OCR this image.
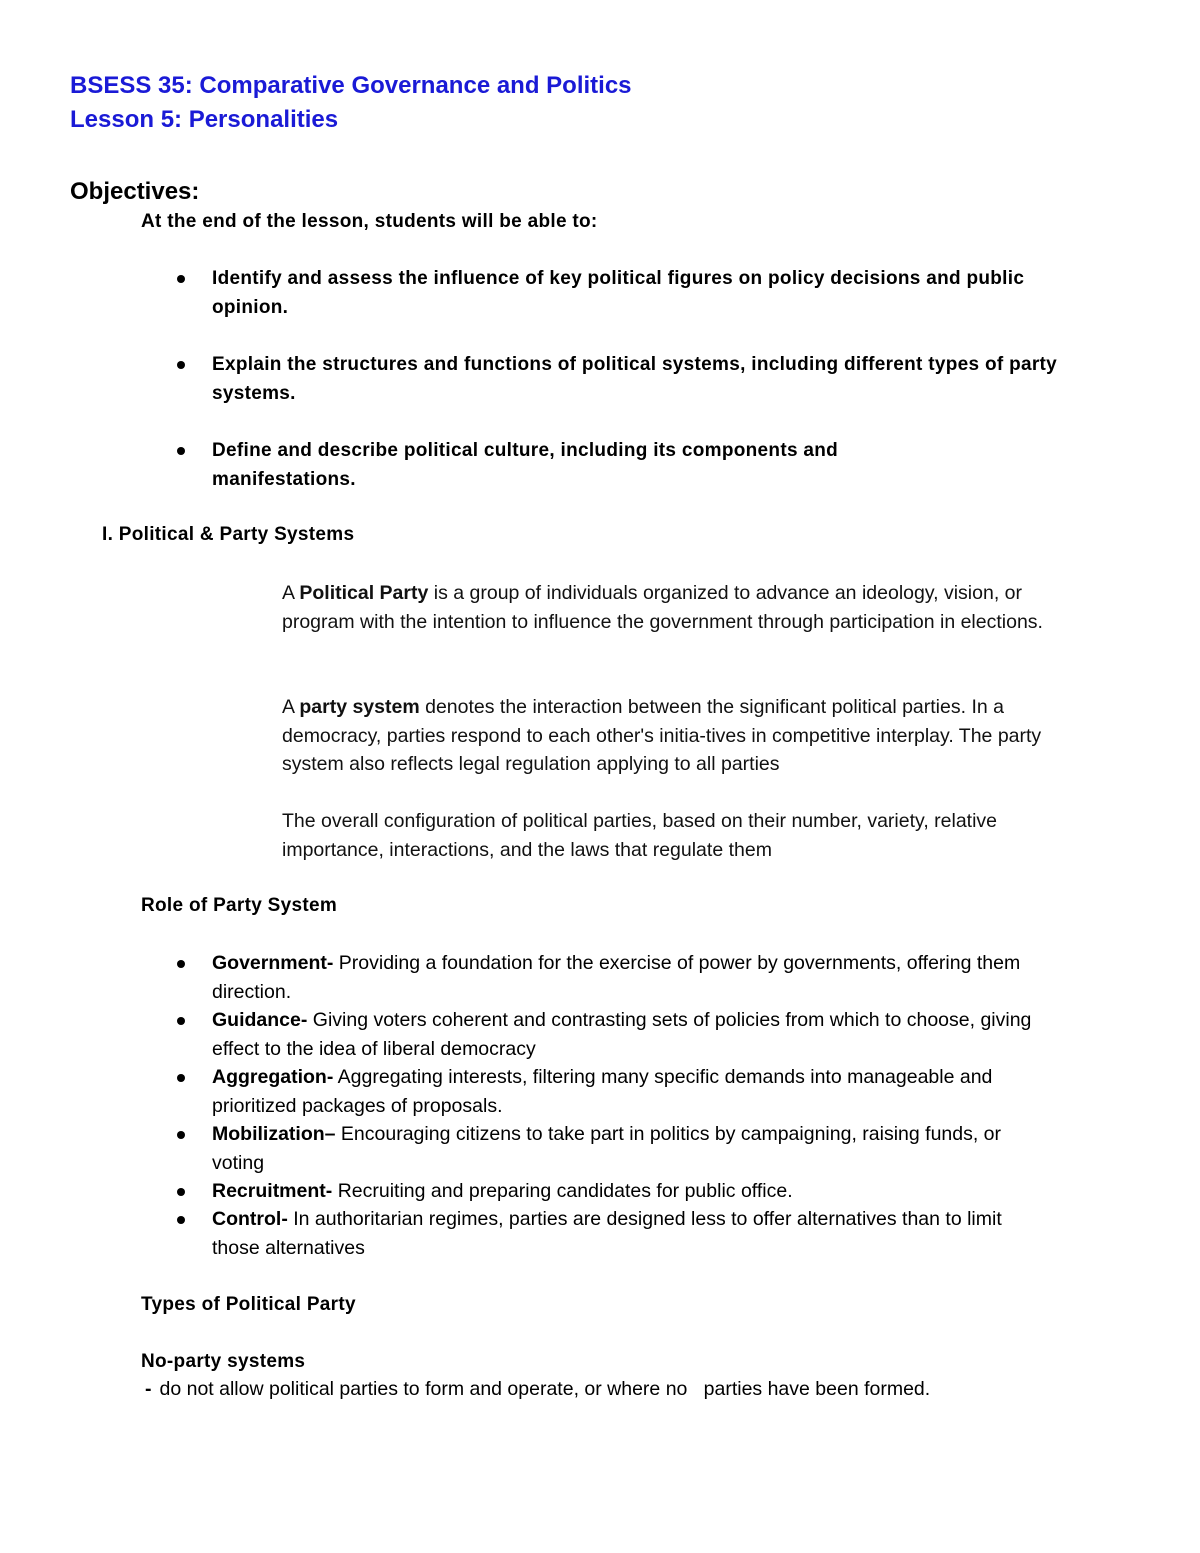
BSESS 35: Comparative Governance and Politics
Lesson 5: Personalities
Objectives:
At the end of the lesson, students will be able to:
Identify and assess the influence of key political figures on policy decisions and public opinion.
Explain the structures and functions of political systems, including different types of party systems.
Define and describe political culture, including its components and manifestations.
I. Political & Party Systems
A Political Party is a group of individuals organized to advance an ideology, vision, or program with the intention to influence the government through participation in elections.
A party system denotes the interaction between the significant political parties. In a democracy, parties respond to each other's initia-tives in competitive interplay. The party system also reflects legal regulation applying to all parties
The overall configuration of political parties, based on their number, variety, relative importance, interactions, and the laws that regulate them
Role of Party System
Government- Providing a foundation for the exercise of power by governments, offering them direction.
Guidance- Giving voters coherent and contrasting sets of policies from which to choose, giving effect to the idea of liberal democracy
Aggregation- Aggregating interests, filtering many specific demands into manageable and prioritized packages of proposals.
Mobilization– Encouraging citizens to take part in politics by campaigning, raising funds, or voting
Recruitment- Recruiting and preparing candidates for public office.
Control- In authoritarian regimes, parties are designed less to offer alternatives than to limit those alternatives
Types of Political Party
No-party systems
- do not allow political parties to form and operate, or where no   parties have been formed.
